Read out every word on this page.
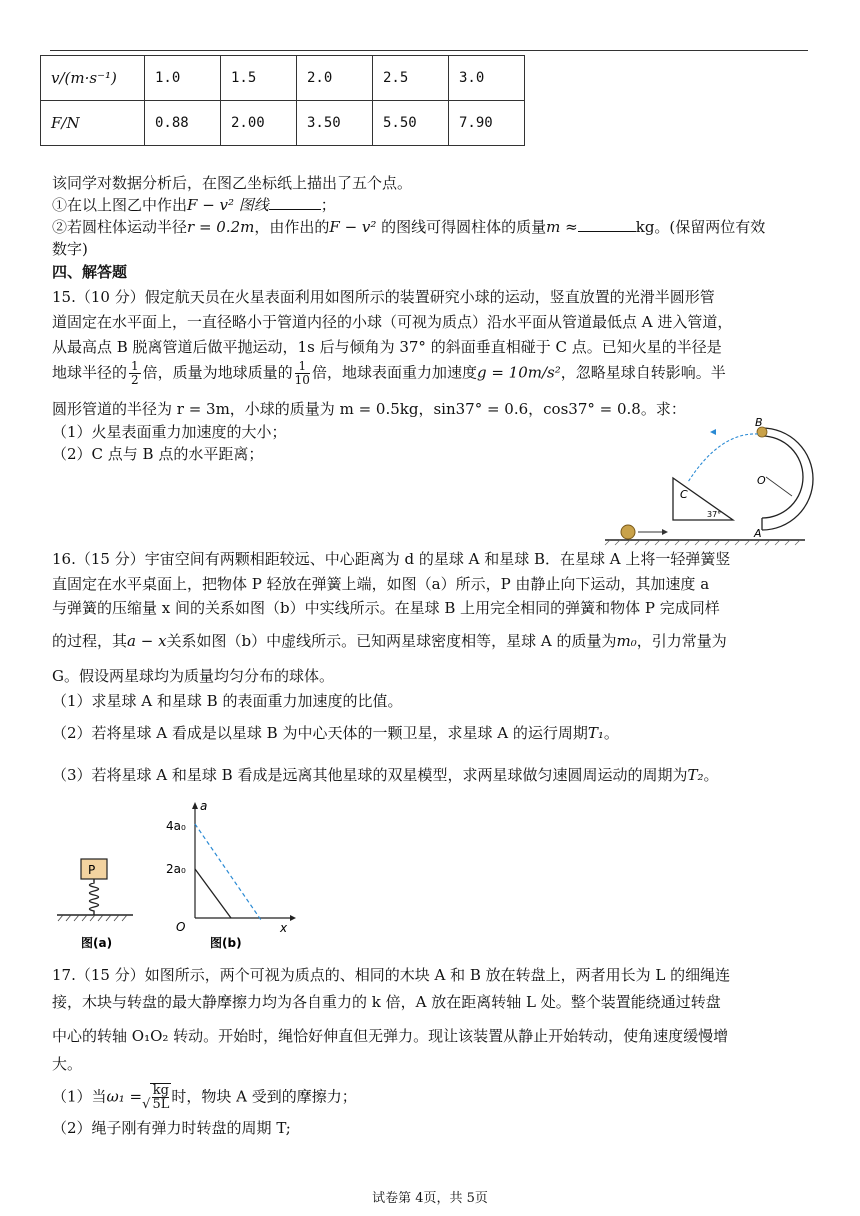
v/(m·s⁻¹)	1.0	1.5	2.0	2.5	3.0
F/N	0.88	2.00	3.50	5.50	7.90
该同学对数据分析后，在图乙坐标纸上描出了五个点。
①在以上图乙中作出F − v² 图线	；
②若圆柱体运动半径r = 0.2m，由作出的F − v² 的图线可得圆柱体的质量m ≈	kg。(保留两位有效
数字)
四、解答题
15.（10 分）假定航天员在火星表面利用如图所示的装置研究小球的运动，竖直放置的光滑半圆形管
道固定在水平面上，一直径略小于管道内径的小球（可视为质点）沿水平面从管道最低点 A 进入管道，
从最高点 B 脱离管道后做平抛运动，1s 后与倾角为 37° 的斜面垂直相碰于 C 点。已知火星的半径是
地球半径的 $\frac{1}{2}$ 倍，质量为地球质量的 $\frac{1}{10}$ 倍，地球表面重力加速度g = 10m/s²，忽略星球自转影响。半
圆形管道的半径为 r = 3m，小球的质量为 m = 0.5kg，sin37° = 0.6，cos37° = 0.8。求：
（1）火星表面重力加速度的大小；
（2）C 点与 B 点的水平距离；
C
37°
B
O
A
16.（15 分）宇宙空间有两颗相距较远、中心距离为 d 的星球 A 和星球 B．在星球 A 上将一轻弹簧竖
直固定在水平桌面上，把物体 P 轻放在弹簧上端，如图（a）所示，P 由静止向下运动，其加速度 a
与弹簧的压缩量 x 间的关系如图（b）中实线所示。在星球 B 上用完全相同的弹簧和物体 P 完成同样
的过程，其a − x关系如图（b）中虚线所示。已知两星球密度相等，星球 A 的质量为m₀，引力常量为
G。假设两星球均为质量均匀分布的球体。
（1）求星球 A 和星球 B 的表面重力加速度的比值。
（2）若将星球 A 看成是以星球 B 为中心天体的一颗卫星，求星球 A 的运行周期T₁。
（3）若将星球 A 和星球 B 看成是远离其他星球的双星模型，求两星球做匀速圆周运动的周期为T₂。
P
图(a)
a
x
O
4a₀
2a₀
图(b)
17.（15 分）如图所示，两个可视为质点的、相同的木块 A 和 B 放在转盘上，两者用长为 L 的细绳连
接，木块与转盘的最大静摩擦力均为各自重力的 k 倍，A 放在距离转轴 L 处。整个装置能绕通过转盘
中心的转轴 O₁O₂ 转动。开始时，绳恰好伸直但无弹力。现让该装置从静止开始转动，使角速度缓慢增
大。
（1）当ω₁ =√ $\frac{kg}{5L}$ 时，物块 A 受到的摩擦力；
（2）绳子刚有弹力时转盘的周期 T;
试卷第 4页，共 5页
